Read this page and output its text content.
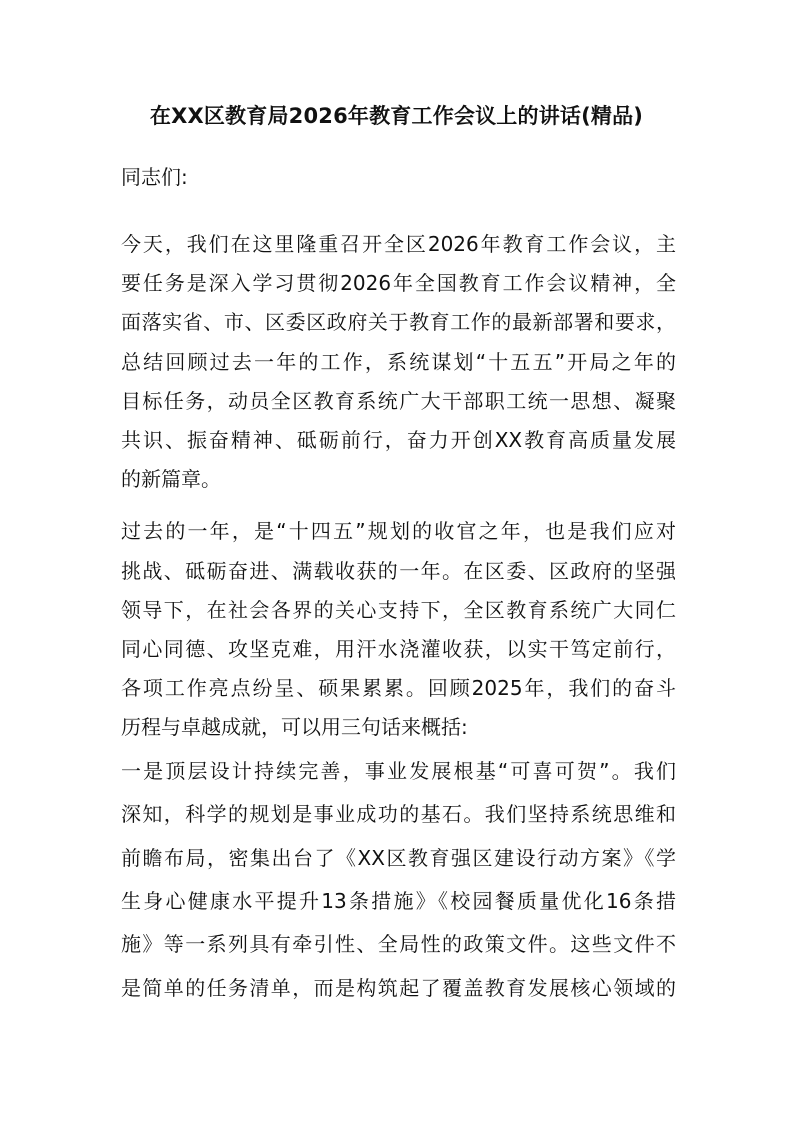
在XX区教育局2026年教育工作会议上的讲话(精品)
同志们:
今天，我们在这里隆重召开全区2026年教育工作会议，主
要任务是深入学习贯彻2026年全国教育工作会议精神，全
面落实省、市、区委区政府关于教育工作的最新部署和要求，
总结回顾过去一年的工作，系统谋划“十五五”开局之年的
目标任务，动员全区教育系统广大干部职工统一思想、凝聚
共识、振奋精神、砥砺前行，奋力开创XX教育高质量发展
的新篇章。
过去的一年，是“十四五”规划的收官之年，也是我们应对
挑战、砥砺奋进、满载收获的一年。在区委、区政府的坚强
领导下，在社会各界的关心支持下，全区教育系统广大同仁
同心同德、攻坚克难，用汗水浇灌收获，以实干笃定前行，
各项工作亮点纷呈、硕果累累。回顾2025年，我们的奋斗
历程与卓越成就，可以用三句话来概括:
一是顶层设计持续完善，事业发展根基“可喜可贺”。我们
深知，科学的规划是事业成功的基石。我们坚持系统思维和
前瞻布局，密集出台了《XX区教育强区建设行动方案》《学
生身心健康水平提升13条措施》《校园餐质量优化16条措
施》等一系列具有牵引性、全局性的政策文件。这些文件不
是简单的任务清单，而是构筑起了覆盖教育发展核心领域的
